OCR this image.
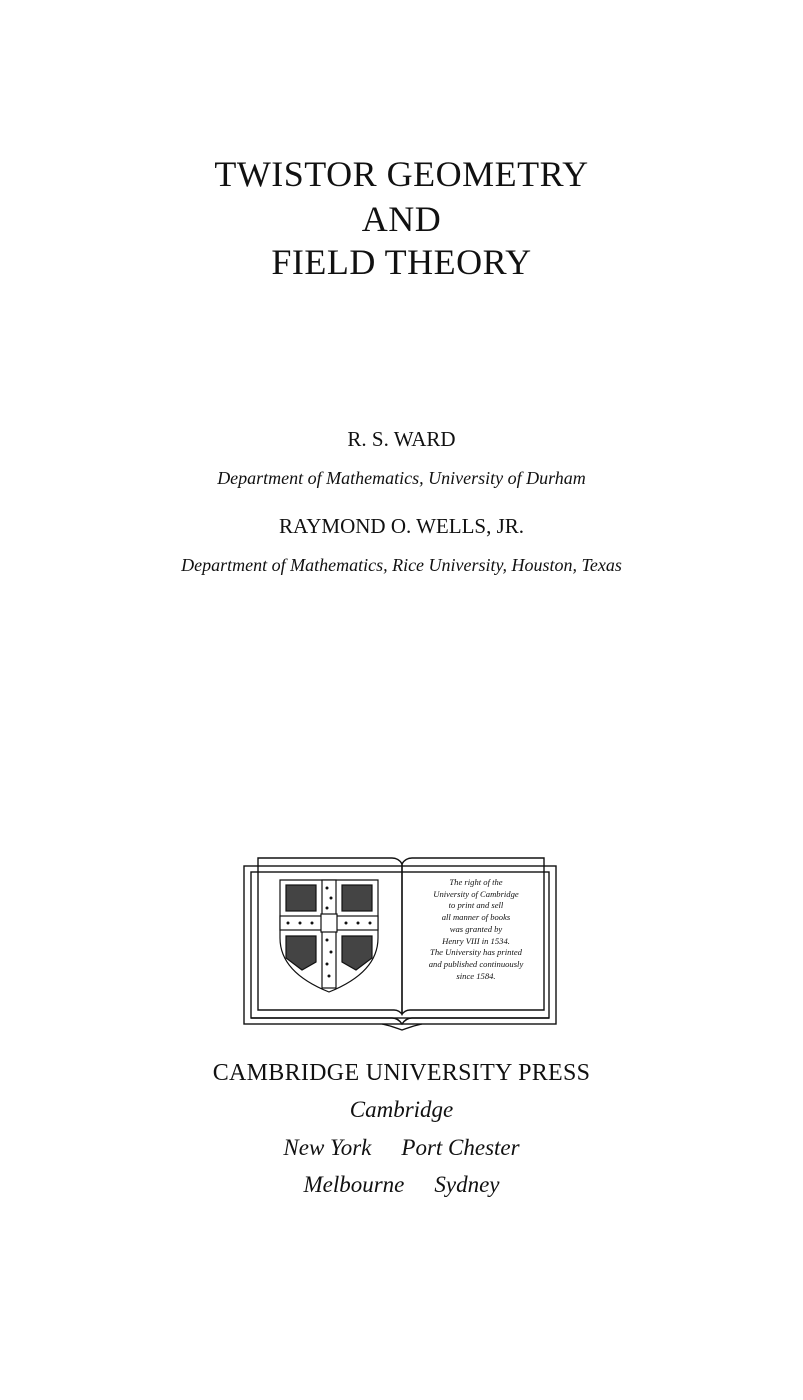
TWISTOR GEOMETRY
AND
FIELD THEORY
R. S. WARD
Department of Mathematics, University of Durham
RAYMOND O. WELLS, JR.
Department of Mathematics, Rice University, Houston, Texas
The right of the
University of Cambridge
to print and sell
all manner of books
was granted by
Henry VIII in 1534.
The University has printed
and published continuously
since 1584.
CAMBRIDGE UNIVERSITY PRESS
Cambridge
New York Port Chester
Melbourne Sydney
